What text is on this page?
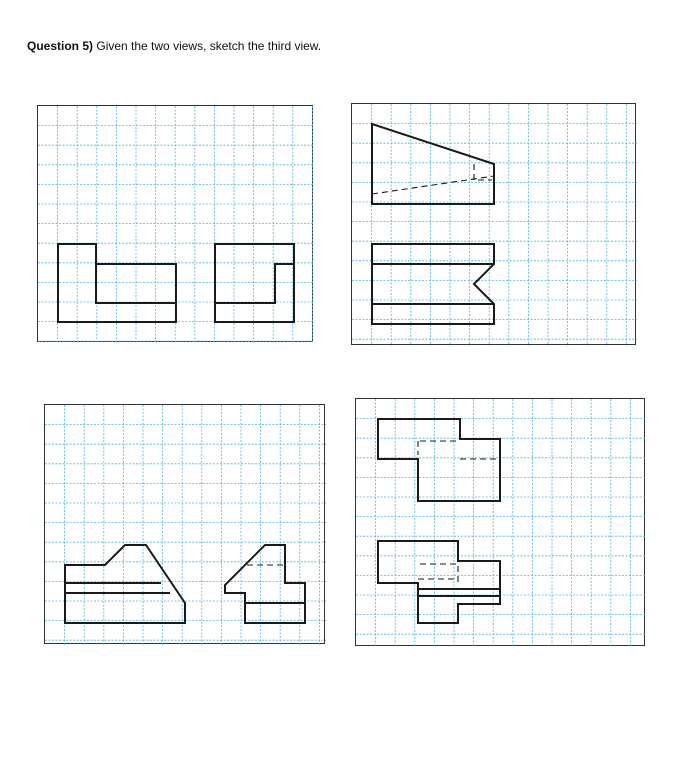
Question 5) Given the two views, sketch the third view.
